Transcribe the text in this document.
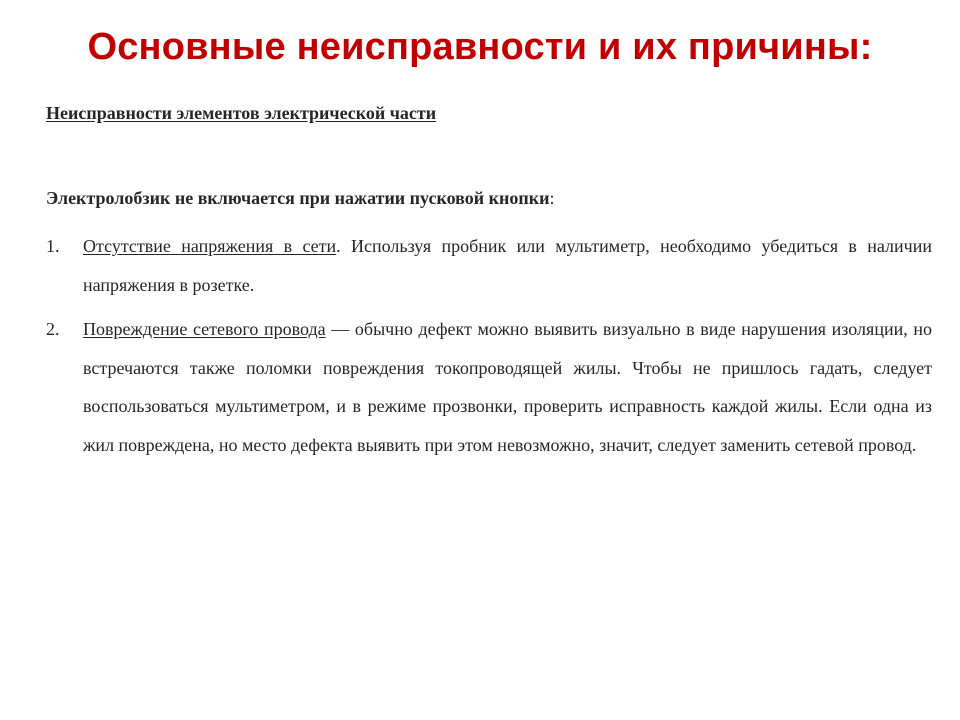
Основные неисправности и их причины:
Неисправности элементов электрической части
Электролобзик не включается при нажатии пусковой кнопки:
1. Отсутствие напряжения в сети. Используя пробник или мультиметр, необходимо убедиться в наличии напряжения в розетке.
2. Повреждение сетевого провода — обычно дефект можно выявить визуально в виде нарушения изоляции, но встречаются также поломки повреждения токопроводящей жилы. Чтобы не пришлось гадать, следует воспользоваться мультиметром, и в режиме прозвонки, проверить исправность каждой жилы. Если одна из жил повреждена, но место дефекта выявить при этом невозможно, значит, следует заменить сетевой провод.
